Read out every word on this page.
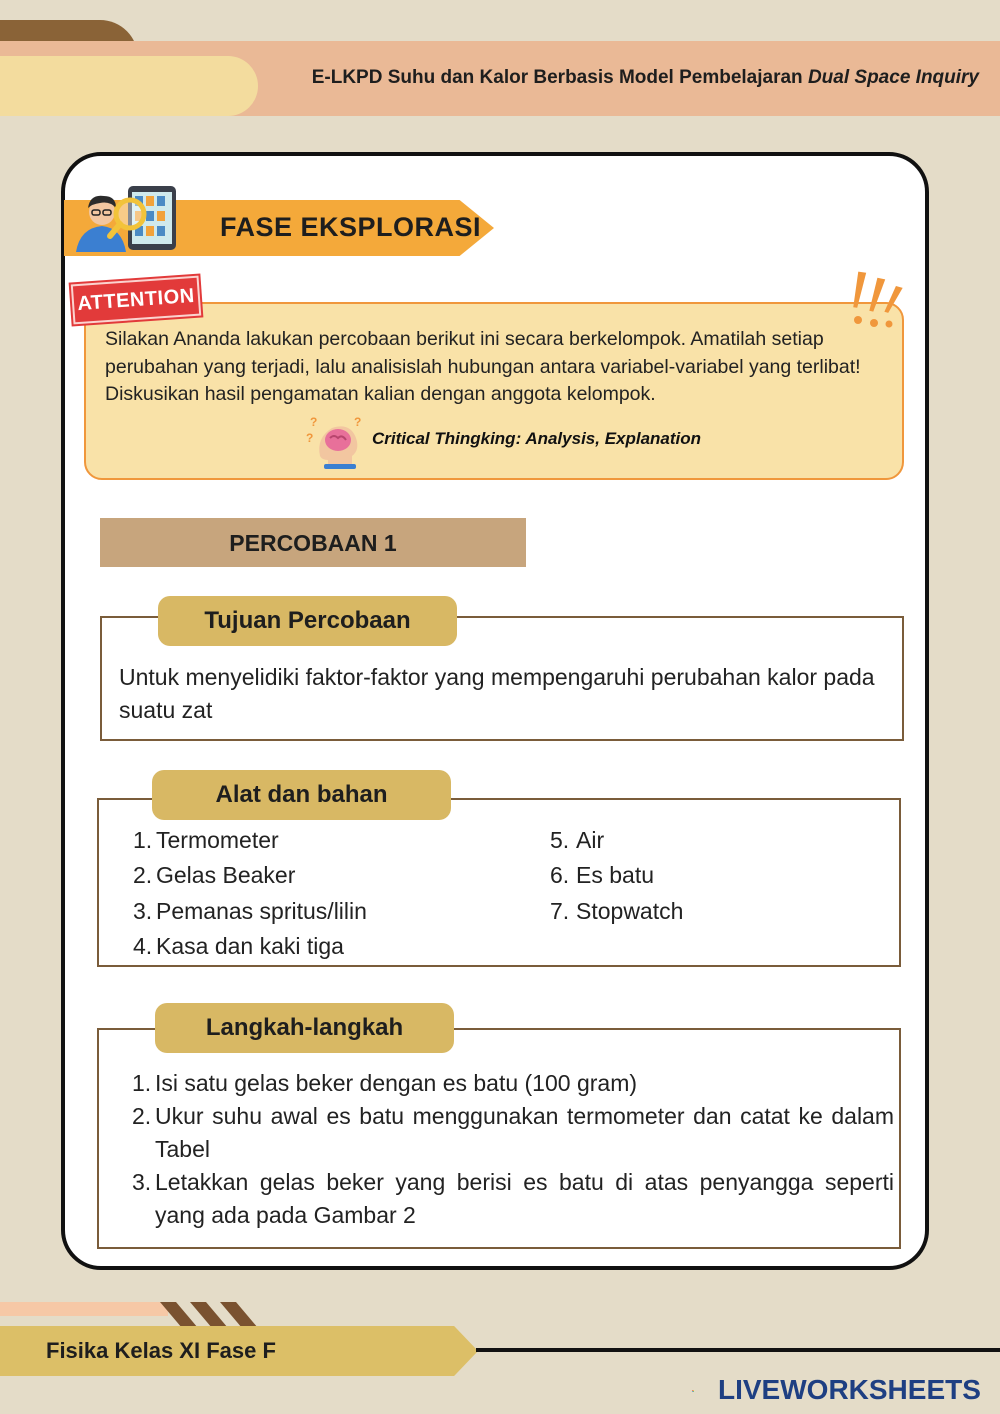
E-LKPD Suhu dan Kalor Berbasis Model Pembelajaran Dual Space Inquiry
FASE EKSPLORASI
ATTENTION
Silakan Ananda lakukan percobaan berikut ini secara berkelompok. Amatilah setiap perubahan yang terjadi, lalu analisislah hubungan antara variabel-variabel yang terlibat! Diskusikan hasil pengamatan kalian dengan anggota kelompok.
?	?
?	Critical Thingking: Analysis, Explanation
PERCOBAAN 1
Tujuan Percobaan
Untuk menyelidiki faktor-faktor yang mempengaruhi perubahan kalor pada suatu zat
Alat dan bahan
1. Termometer
2. Gelas Beaker
3. Pemanas spritus/lilin
4. Kasa dan kaki tiga
5. Air
6. Es batu
7. Stopwatch
Langkah-langkah
1. Isi satu gelas beker dengan es batu (100 gram)
2. Ukur suhu awal es batu menggunakan termometer dan catat ke dalam Tabel
3. Letakkan gelas beker yang berisi es batu di atas penyangga seperti yang ada pada Gambar 2
Fisika Kelas XI Fase F
LIVEWORKSHEETS
